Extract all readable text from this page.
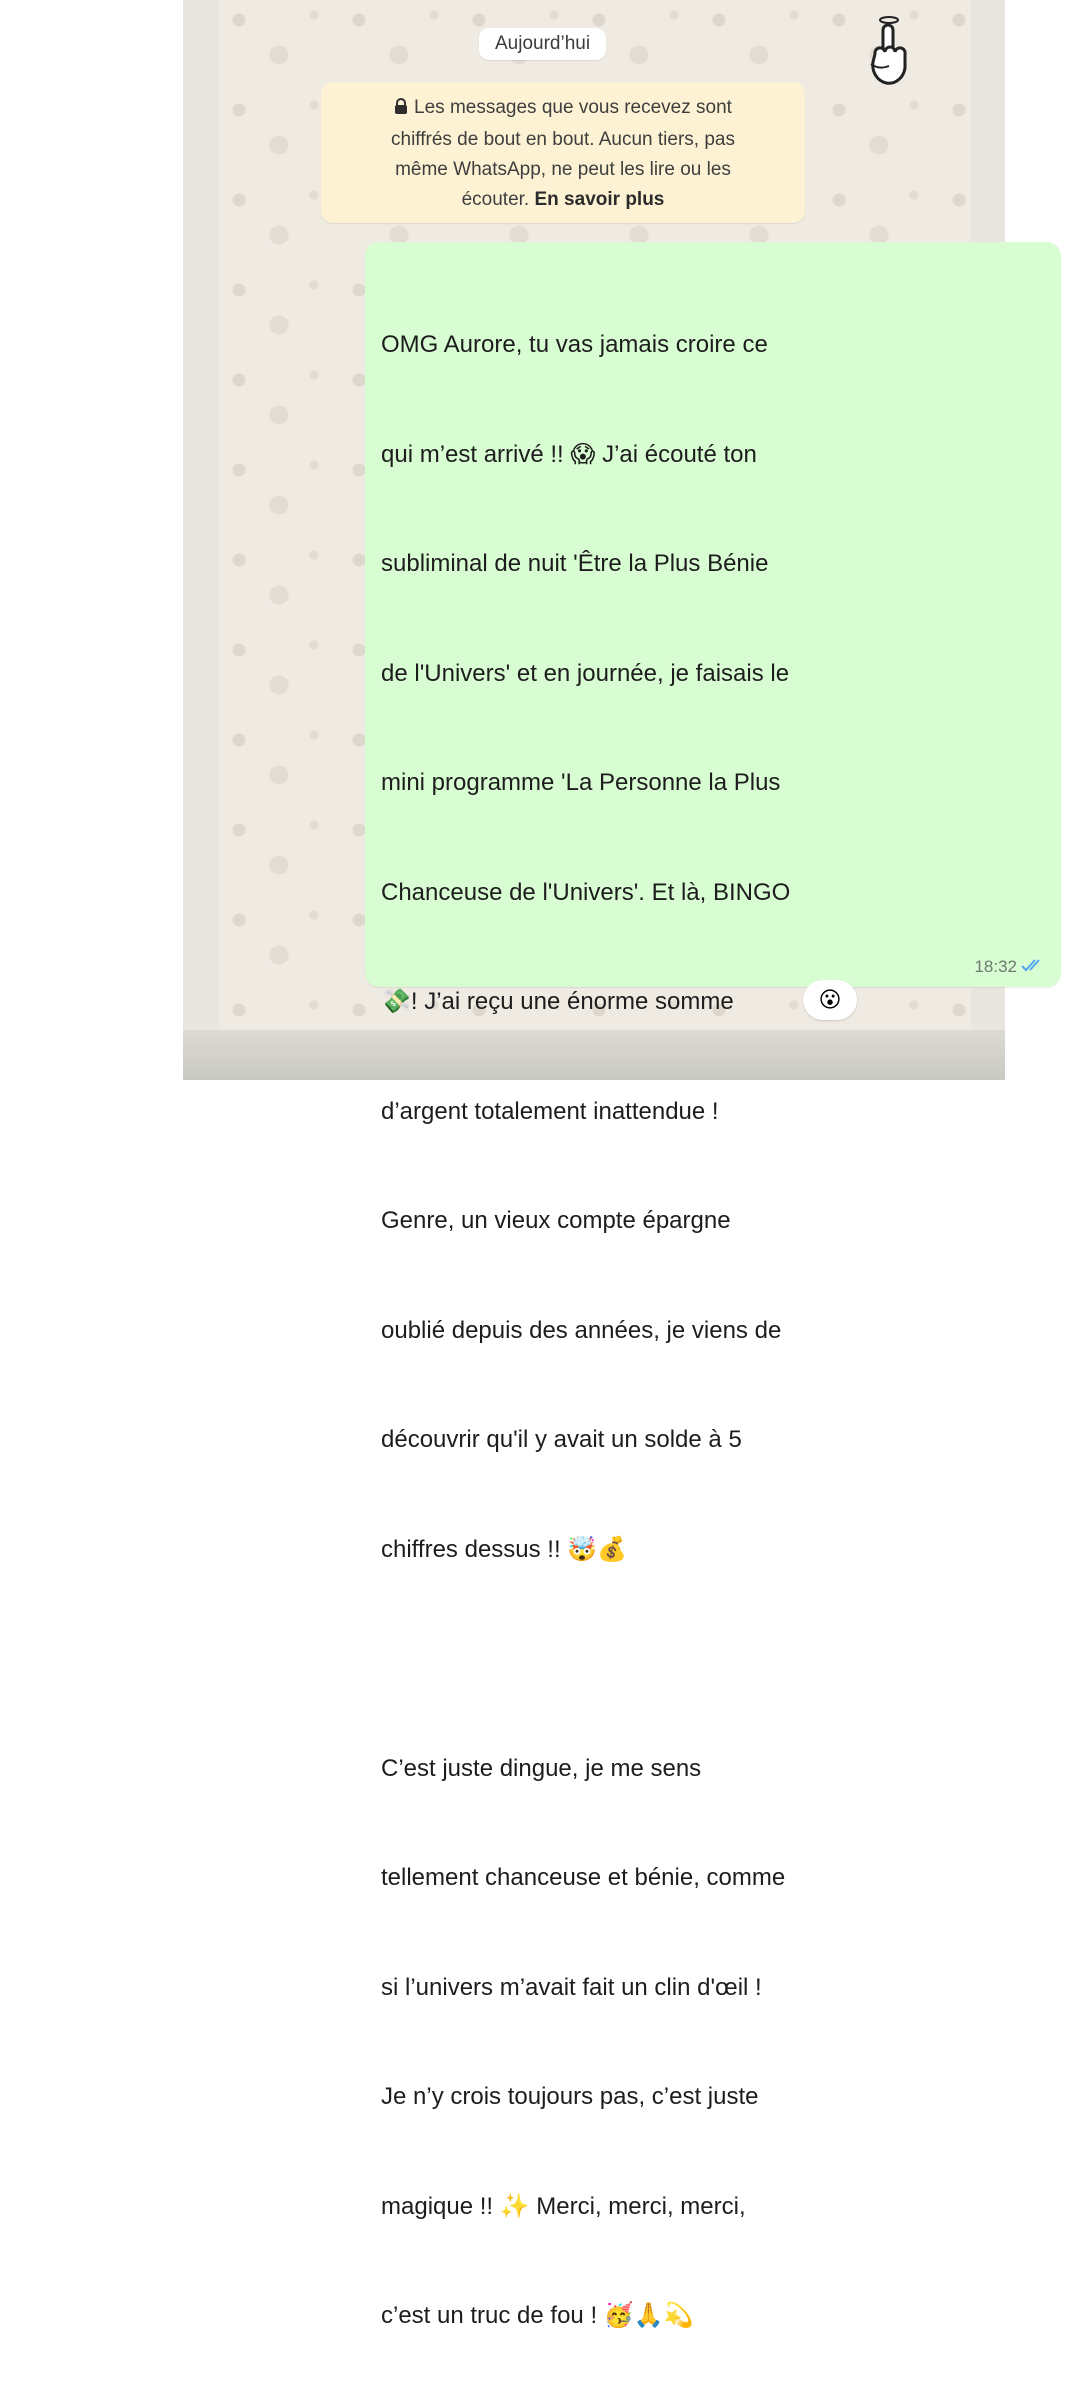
Aujourd’hui
Les messages que vous recevez sont
chiffrés de bout en bout. Aucun tiers, pas
même WhatsApp, ne peut les lire ou les
écouter. En savoir plus

OMG Aurore, tu vas jamais croire ce

qui m’est arrivé !! 😱 J’ai écouté ton

subliminal de nuit 'Être la Plus Bénie

de l'Univers' et en journée, je faisais le

mini programme 'La Personne la Plus

Chanceuse de l'Univers'. Et là, BINGO

💸! J’ai reçu une énorme somme

d’argent totalement inattendue !

Genre, un vieux compte épargne

oublié depuis des années, je viens de

découvrir qu'il y avait un solde à 5

chiffres dessus !! 🤯💰

C’est juste dingue, je me sens

tellement chanceuse et bénie, comme

si l’univers m’avait fait un clin d'œil !

Je n’y crois toujours pas, c’est juste

magique !! ✨ Merci, merci, merci,

c’est un truc de fou ! 🥳🙏💫

18:32
😮
